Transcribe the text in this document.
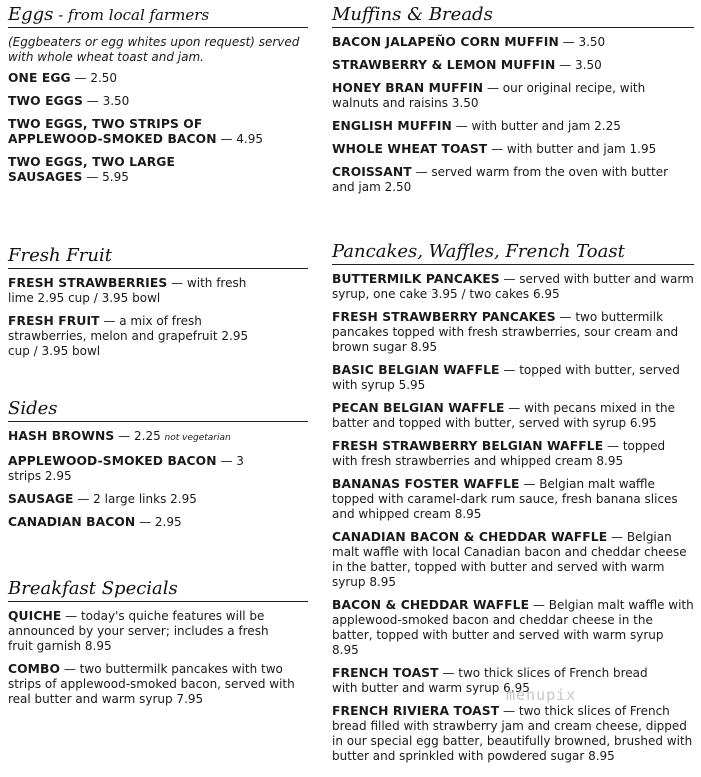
Eggs - from local farmers
(Eggbeaters or egg whites upon request) served with whole wheat toast and jam.
ONE EGG — 2.50
TWO EGGS — 3.50
TWO EGGS, TWO STRIPS OF APPLEWOOD-SMOKED BACON — 4.95
TWO EGGS, TWO LARGE SAUSAGES — 5.95
Fresh Fruit
FRESH STRAWBERRIES — with fresh lime 2.95 cup / 3.95 bowl
FRESH FRUIT — a mix of fresh strawberries, melon and grapefruit 2.95 cup / 3.95 bowl
Sides
HASH BROWNS — 2.25 not vegetarian
APPLEWOOD-SMOKED BACON — 3 strips 2.95
SAUSAGE — 2 large links 2.95
CANADIAN BACON — 2.95
Breakfast Specials
QUICHE — today's quiche features will be announced by your server; includes a fresh fruit garnish 8.95
COMBO — two buttermilk pancakes with two strips of applewood-smoked bacon, served with real butter and warm syrup 7.95
Muffins & Breads
BACON JALAPEÑO CORN MUFFIN — 3.50
STRAWBERRY & LEMON MUFFIN — 3.50
HONEY BRAN MUFFIN — our original recipe, with walnuts and raisins 3.50
ENGLISH MUFFIN — with butter and jam 2.25
WHOLE WHEAT TOAST — with butter and jam 1.95
CROISSANT — served warm from the oven with butter and jam 2.50
Pancakes, Waffles, French Toast
BUTTERMILK PANCAKES — served with butter and warm syrup, one cake 3.95 / two cakes 6.95
FRESH STRAWBERRY PANCAKES — two buttermilk pancakes topped with fresh strawberries, sour cream and brown sugar 8.95
BASIC BELGIAN WAFFLE — topped with butter, served with syrup 5.95
PECAN BELGIAN WAFFLE — with pecans mixed in the batter and topped with butter, served with syrup 6.95
FRESH STRAWBERRY BELGIAN WAFFLE — topped with fresh strawberries and whipped cream 8.95
BANANAS FOSTER WAFFLE — Belgian malt waffle topped with caramel-dark rum sauce, fresh banana slices and whipped cream 8.95
CANADIAN BACON & CHEDDAR WAFFLE — Belgian malt waffle with local Canadian bacon and cheddar cheese in the batter, topped with butter and served with warm syrup 8.95
BACON & CHEDDAR WAFFLE — Belgian malt waffle with applewood-smoked bacon and cheddar cheese in the batter, topped with butter and served with warm syrup 8.95
FRENCH TOAST — two thick slices of French bread with butter and warm syrup 6.95
FRENCH RIVIERA TOAST — two thick slices of French bread filled with strawberry jam and cream cheese, dipped in our special egg batter, beautifully browned, brushed with butter and sprinkled with powdered sugar 8.95
menupix
